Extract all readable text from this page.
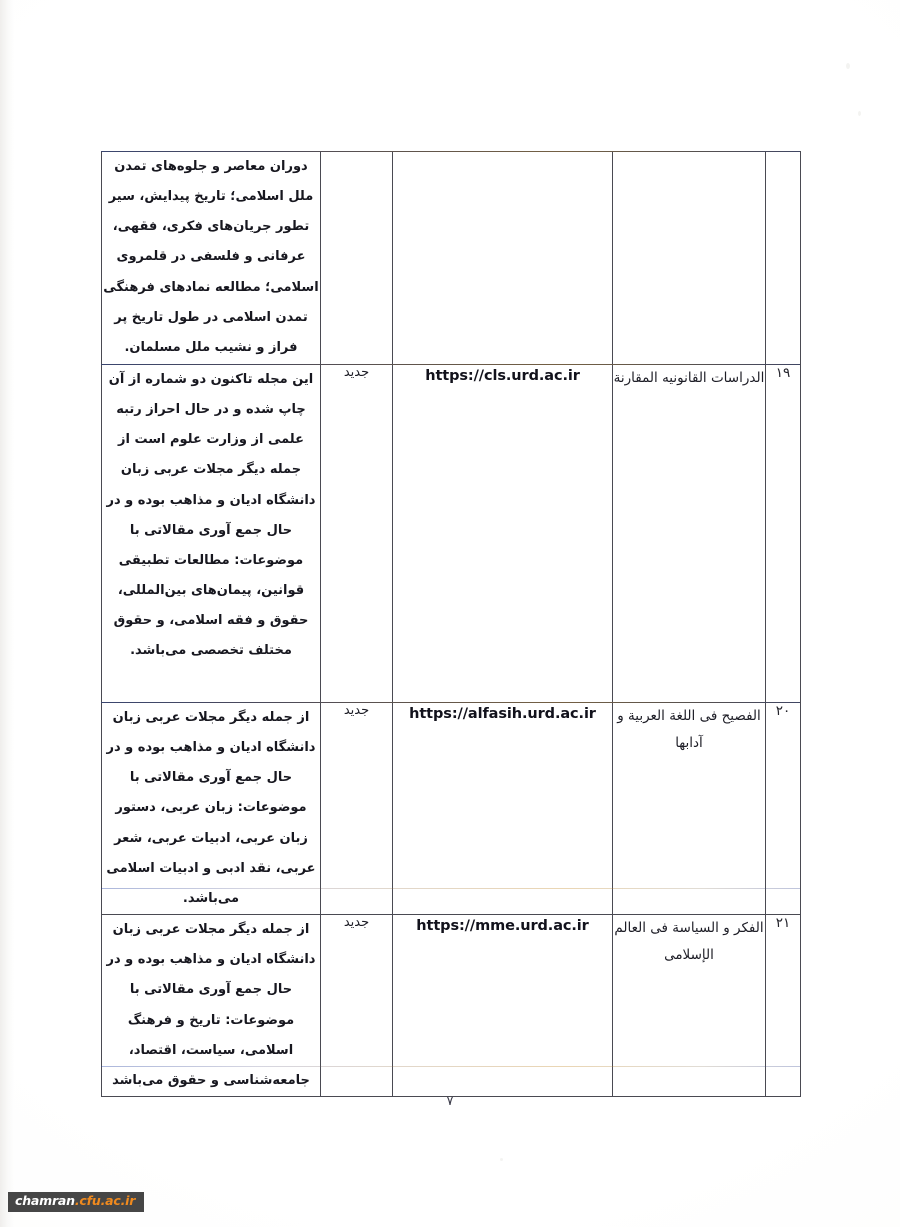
				دوران معاصر و جلوه‌های تمدن ملل اسلامی؛ تاریخ پیدایش، سیر تطور جریان‌های فکری، فقهی، عرفانی و فلسفی در قلمروی اسلامی؛ مطالعه نمادهای فرهنگی تمدن اسلامی در طول تاریخ پر فراز و نشیب ملل مسلمان.
١٩	الدراسات القانونیه المقارنة	https://cls.urd.ac.ir	جدید	این مجله تاکنون دو شماره از آن چاپ شده و در حال احراز رتبه علمی از وزارت علوم است از جمله دیگر مجلات عربی زبان دانشگاه ادیان و مذاهب بوده و در حال جمع آوری مقالاتی با موضوعات: مطالعات تطبیقی قوانین، پیمان‌های بین‌المللی، حقوق و فقه اسلامی، و حقوق مختلف تخصصی می‌باشد.
٢٠	الفصیح فی اللغة العربیة و آدابها	https://alfasih.urd.ac.ir	جدید	از جمله دیگر مجلات عربی زبان دانشگاه ادیان و مذاهب بوده و در حال جمع آوری مقالاتی با موضوعات: زبان عربی، دستور زبان عربی، ادبیات عربی، شعر عربی، نقد ادبی و ادبیات اسلامی می‌باشد.
٢١	الفکر و السیاسة فی العالم الإسلامی	https://mme.urd.ac.ir	جدید	از جمله دیگر مجلات عربی زبان دانشگاه ادیان و مذاهب بوده و در حال جمع آوری مقالاتی با موضوعات: تاریخ و فرهنگ اسلامی، سیاست، اقتصاد، جامعه‌شناسی و حقوق می‌باشد
٧
chamran.cfu.ac.ir
